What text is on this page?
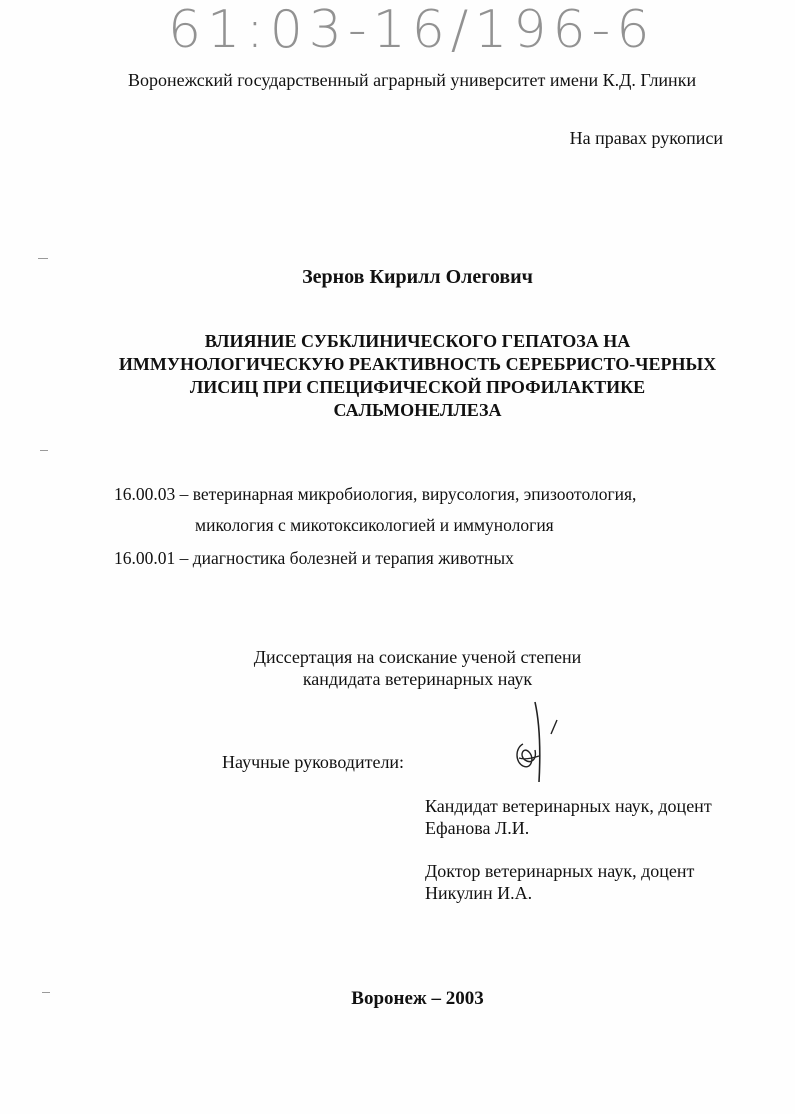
61:03-16/196-6
Воронежский государственный аграрный университет имени К.Д. Глинки
На правах рукописи
Зернов Кирилл Олегович
ВЛИЯНИЕ СУБКЛИНИЧЕСКОГО ГЕПАТОЗА НА
ИММУНОЛОГИЧЕСКУЮ РЕАКТИВНОСТЬ СЕРЕБРИСТО-ЧЕРНЫХ
ЛИСИЦ ПРИ СПЕЦИФИЧЕСКОЙ ПРОФИЛАКТИКЕ
САЛЬМОНЕЛЛЕЗА
16.00.03 – ветеринарная микробиология, вирусология, эпизоотология,
микология с микотоксикологией и иммунология
16.00.01 – диагностика болезней и терапия животных
Диссертация на соискание ученой степени
кандидата ветеринарных наук
Научные руководители:
Кандидат ветеринарных наук, доцент
Ефанова Л.И.
Доктор ветеринарных наук, доцент
Никулин И.А.
Воронеж – 2003
